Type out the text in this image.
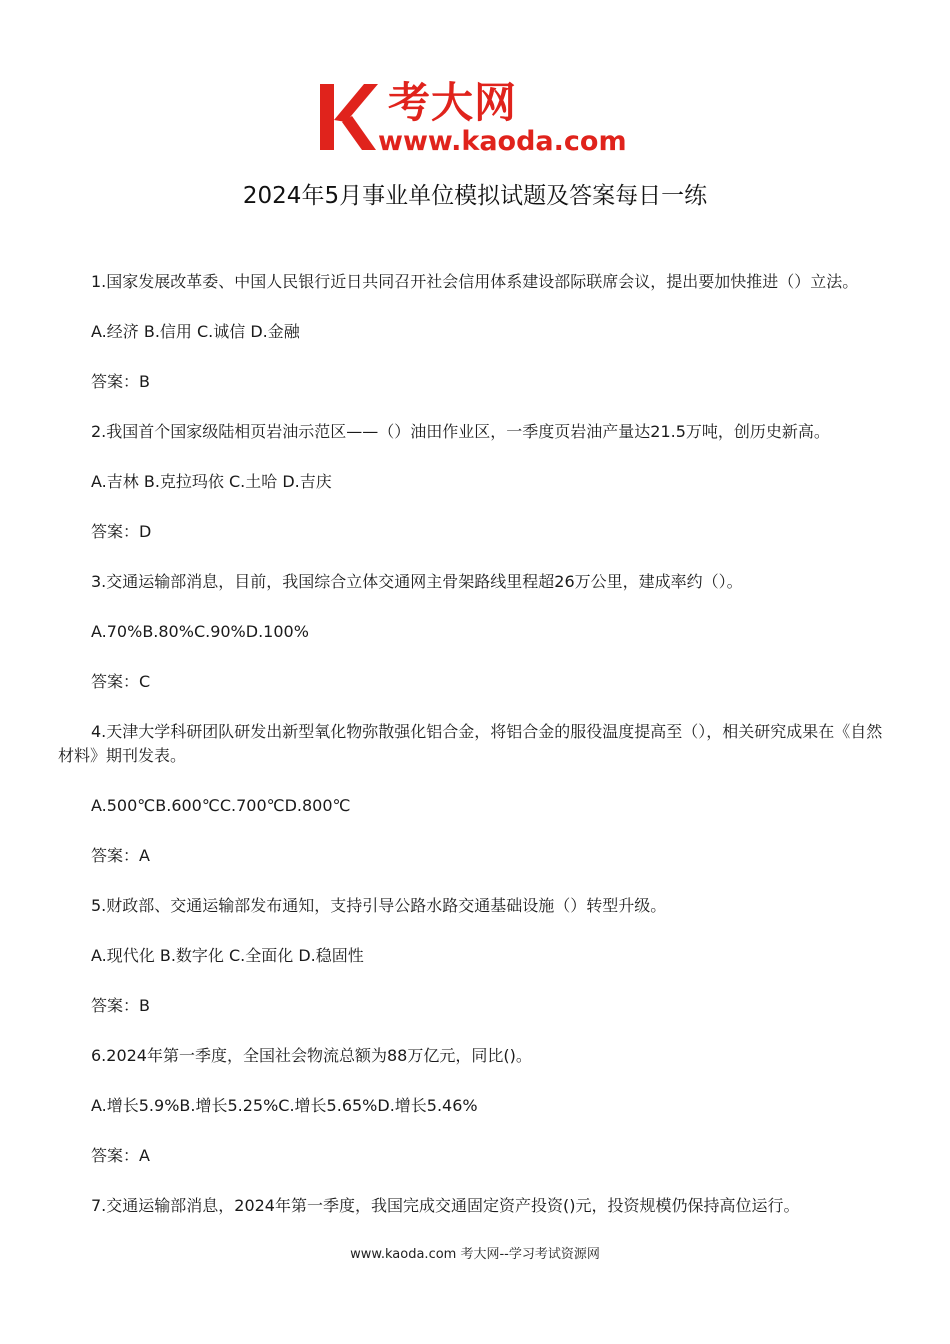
考大网
www.kaoda.com
2024年5月事业单位模拟试题及答案每日一练

1.国家发展改革委、中国人民银行近日共同召开社会信用体系建设部际联席会议，提出要加快推进（）立法。

A.经济 B.信用 C.诚信 D.金融

答案：B

2.我国首个国家级陆相页岩油示范区——（）油田作业区，一季度页岩油产量达21.5万吨，创历史新高。

A.吉林 B.克拉玛依 C.土哈 D.吉庆

答案：D

3.交通运输部消息，目前，我国综合立体交通网主骨架路线里程超26万公里，建成率约（）。

A.70%B.80%C.90%D.100%

答案：C

4.天津大学科研团队研发出新型氧化物弥散强化铝合金，将铝合金的服役温度提高至（），相关研究成果在《自然材料》期刊发表。

A.500℃B.600℃C.700℃D.800℃

答案：A

5.财政部、交通运输部发布通知，支持引导公路水路交通基础设施（）转型升级。

A.现代化 B.数字化 C.全面化 D.稳固性

答案：B

6.2024年第一季度，全国社会物流总额为88万亿元，同比()。

A.增长5.9%B.增长5.25%C.增长5.65%D.增长5.46%

答案：A

7.交通运输部消息，2024年第一季度，我国完成交通固定资产投资()元，投资规模仍保持高位运行。

www.kaoda.com 考大网--学习考试资源网
